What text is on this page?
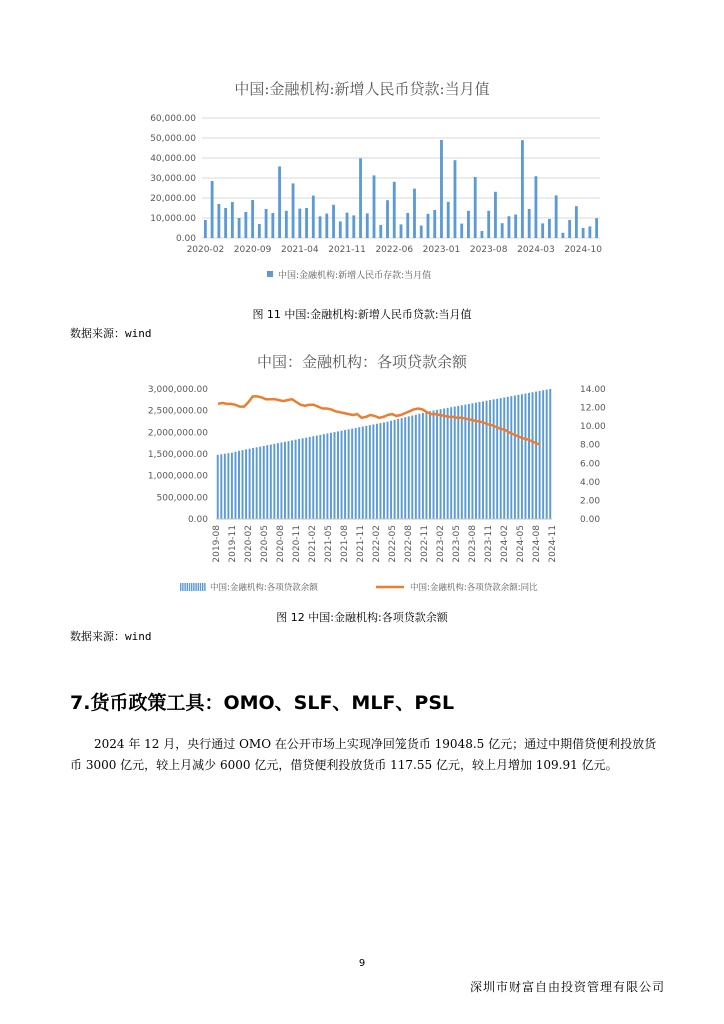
中国:金融机构:新增人民币贷款:当月值
0.00
10,000.00
20,000.00
30,000.00
40,000.00
50,000.00
60,000.00
2020-02 2020-09 2021-04 2021-11 2022-06 2023-01 2023-08 2024-03 2024-10
中国:金融机构:新增人民币存款:当月值
图 11 中国:金融机构:新增人民币贷款:当月值
数据来源：wind
中国：金融机构：各项贷款余额
0.00
500,000.00
1,000,000.00
1,500,000.00
2,000,000.00
2,500,000.00
3,000,000.00
0.00
2.00
4.00
6.00
8.00
10.00
12.00
14.00
2019-08 2019-11 2020-02 2020-05 2020-08 2020-11 2021-02 2021-05 2021-08 2021-11 2022-02 2022-05 2022-08 2022-11 2023-02 2023-05 2023-08 2023-11 2024-02 2024-05 2024-08 2024-11
中国:金融机构:各项贷款余额	中国:金融机构:各项贷款余额:同比
图 12 中国:金融机构:各项贷款余额
数据来源：wind
7.货币政策工具：OMO、SLF、MLF、PSL
2024 年 12 月，央行通过 OMO 在公开市场上实现净回笼货币 19048.5 亿元；通过中期借贷便利投放货币 3000 亿元，较上月减少 6000 亿元，借贷便利投放货币 117.55 亿元，较上月增加 109.91 亿元。
9
深圳市财富自由投资管理有限公司
